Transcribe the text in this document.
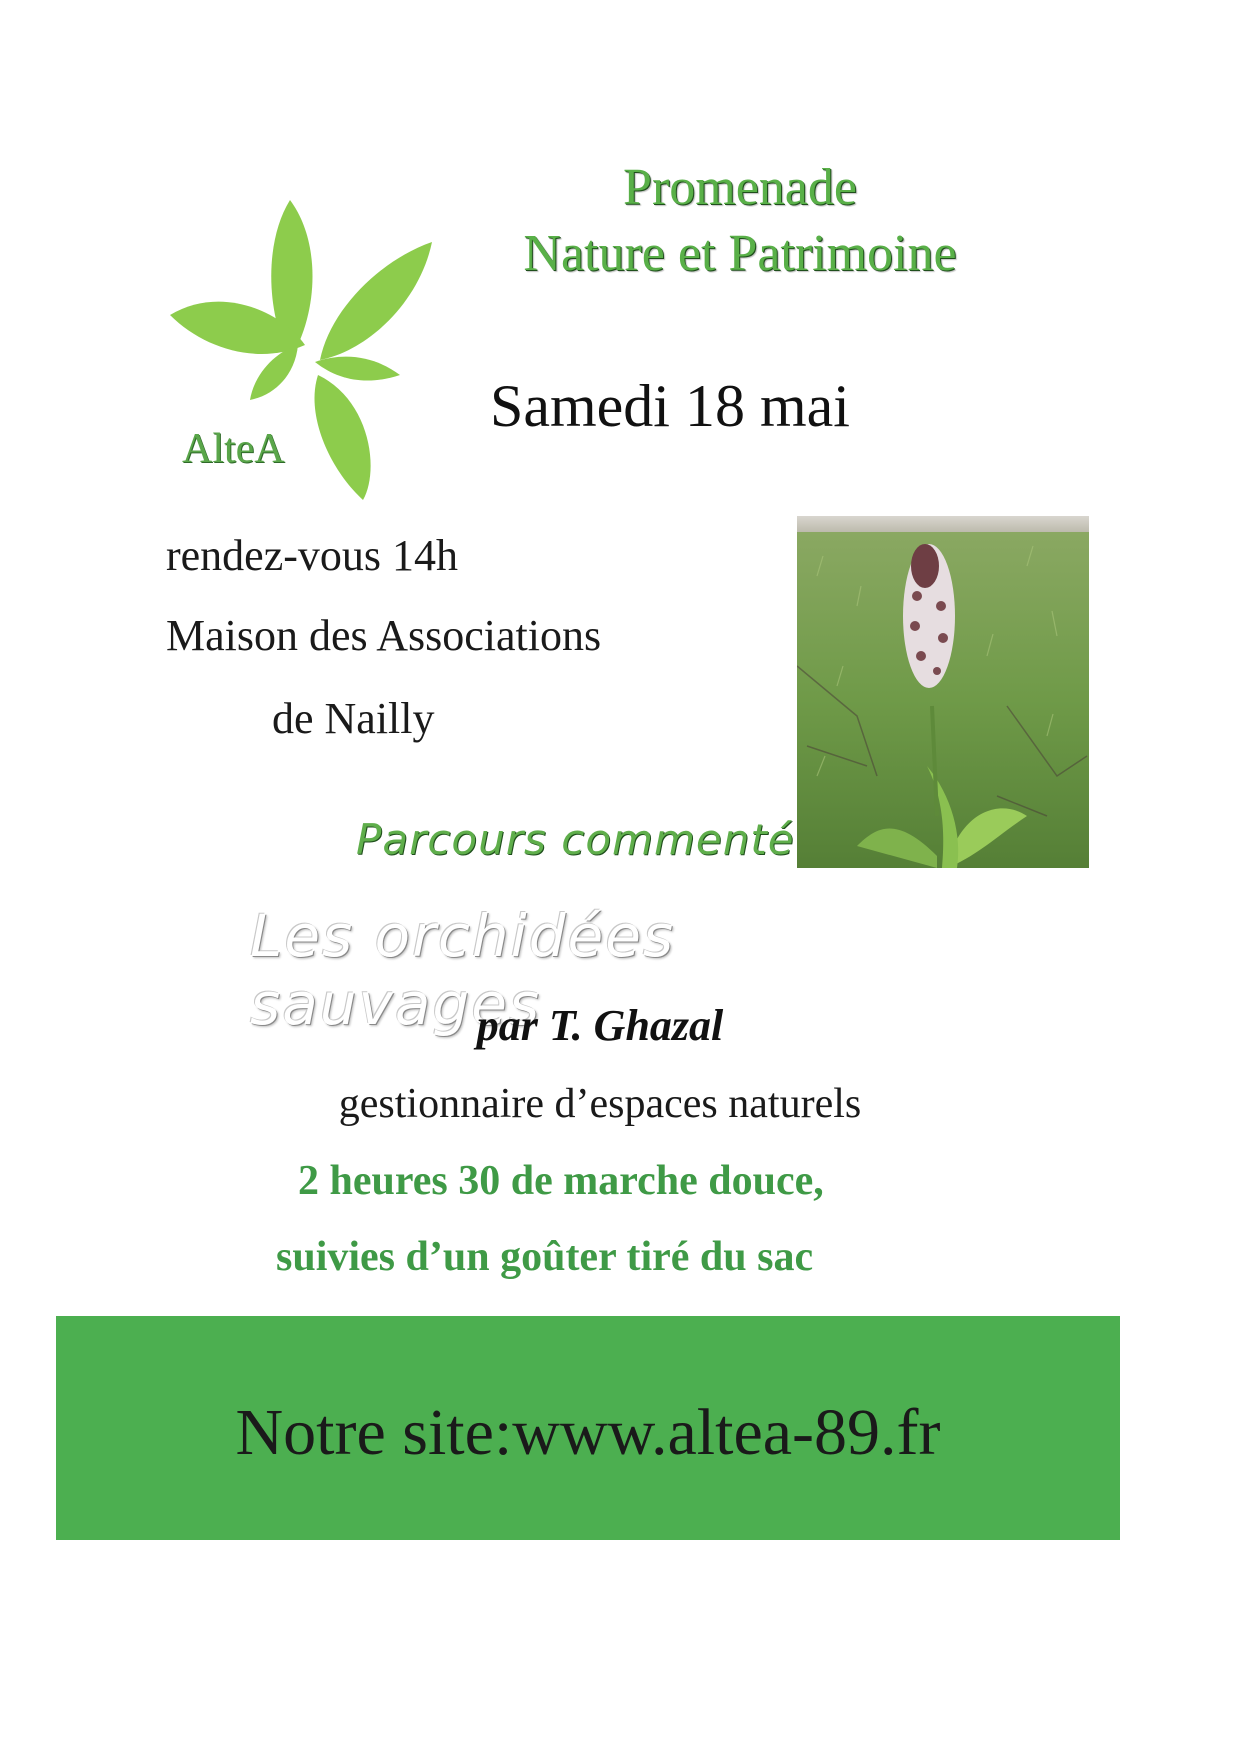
AlteA
Promenade
Nature et Patrimoine
Samedi 18 mai
rendez-vous 14h
Maison des Associations
de Nailly
Parcours commenté
Les orchidées sauvages
par T. Ghazal
gestionnaire d’espaces naturels
2 heures 30 de marche douce,
suivies d’un goûter tiré du sac
Notre site:www.altea-89.fr
